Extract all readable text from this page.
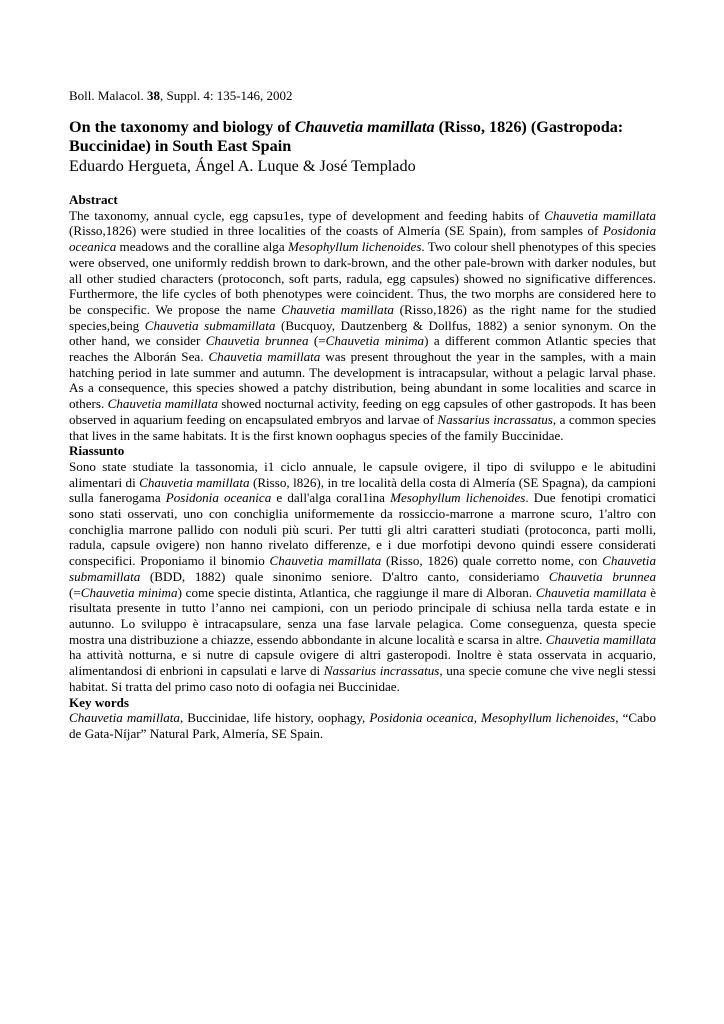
Boll. Malacol. 38, Suppl. 4: 135-146, 2002
On the taxonomy and biology of Chauvetia mamillata (Risso, 1826) (Gastropoda: Buccinidae) in South East Spain
Eduardo Hergueta, Ángel A. Luque & José Templado

Abstract

The taxonomy, annual cycle, egg capsu1es, type of development and feeding habits of Chauvetia mamillata (Risso,1826) were studied in three localities of the coasts of Almería (SE Spain), from samples of Posidonia oceanica meadows and the coralline alga Mesophyllum lichenoides. Two colour shell phenotypes of this species were observed, one uniformly reddish brown to dark-brown, and the other pale-brown with darker nodules, but all other studied characters (protoconch, soft parts, radula, egg capsules) showed no significative differences. Furthermore, the life cycles of both phenotypes were coincident. Thus, the two morphs are considered here to be conspecific. We propose the name Chauvetia mamillata (Risso,1826) as the right name for the studied species,being Chauvetia submamillata (Bucquoy, Dautzenberg & Dollfus, 1882) a senior synonym. On the other hand, we consider Chauvetia brunnea (=Chauvetia minima) a different common Atlantic species that reaches the Alborán Sea. Chauvetia mamillata was present throughout the year in the samples, with a main hatching period in late summer and autumn. The development is intracapsular, without a pelagic larval phase. As a consequence, this species showed a patchy distribution, being abundant in some localities and scarce in others. Chauvetia mamillata showed nocturnal activity, feeding on egg capsules of other gastropods. It has been observed in aquarium feeding on encapsulated embryos and larvae of Nassarius incrassatus, a common species that lives in the same habitats. It is the first known oophagus species of the family Buccinidae.

Riassunto

Sono state studiate la tassonomia, i1 ciclo annuale, le capsule ovigere, il tipo di sviluppo e le abitudini alimentari di Chauvetia mamillata (Risso, l826), in tre località della costa di Almería (SE Spagna), da campioni sulla fanerogama Posidonia oceanica e dall'alga coral1ina Mesophyllum lichenoides. Due fenotipi cromatici sono stati osservati, uno con conchiglia uniformemente da rossiccio-marrone a marrone scuro, 1'altro con conchiglia marrone pallido con noduli più scuri. Per tutti gli altri caratteri studiati (protoconca, parti molli, radula, capsule ovigere) non hanno rivelato differenze, e i due morfotipi devono quindi essere considerati conspecifici. Proponiamo il binomio Chauvetia mamillata (Risso, 1826) quale corretto nome, con Chauvetia submamillata (BDD, 1882) quale sinonimo seniore. D'altro canto, consideriamo Chauvetia brunnea (=Chauvetia minima) come specie distinta, Atlantica, che raggiunge il mare di Alboran. Chauvetia mamillata è risultata presente in tutto l’anno nei campioni, con un periodo principale di schiusa nella tarda estate e in autunno. Lo sviluppo è intracapsulare, senza una fase larvale pelagica. Come conseguenza, questa specie mostra una distribuzione a chiazze, essendo abbondante in alcune località e scarsa in altre. Chauvetia mamillata ha attività notturna, e si nutre di capsule ovigere di altri gasteropodi. Inoltre è stata osservata in acquario, alimentandosi di enbrioni in capsulati e larve di Nassarius incrassatus, una specie comune che vive negli stessi habitat. Si tratta del primo caso noto di oofagia nei Buccinidae.

Key words

Chauvetia mamillata, Buccinidae, life history, oophagy, Posidonia oceanica, Mesophyllum lichenoides, “Cabo de Gata-Níjar” Natural Park, Almería, SE Spain.
